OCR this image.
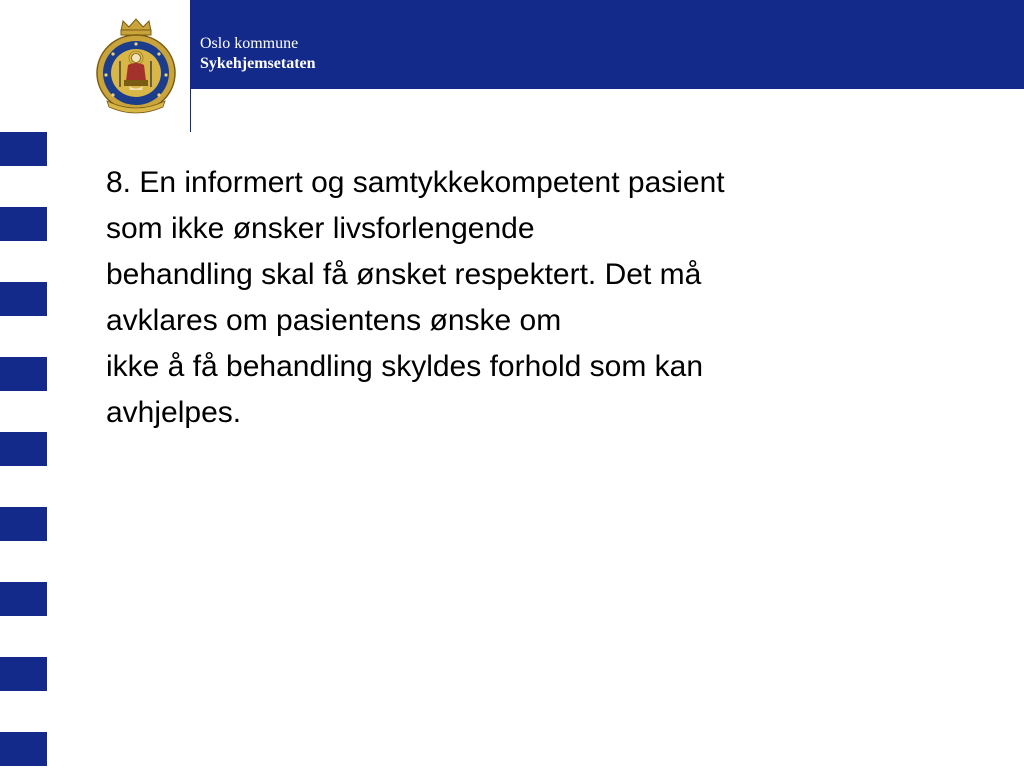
Oslo kommune
Sykehjemsetaten

8. En informert og samtykkekompetent pasient
som ikke ønsker livsforlengende
behandling skal få ønsket respektert. Det må
avklares om pasientens ønske om
ikke å få behandling skyldes forhold som kan
avhjelpes.
